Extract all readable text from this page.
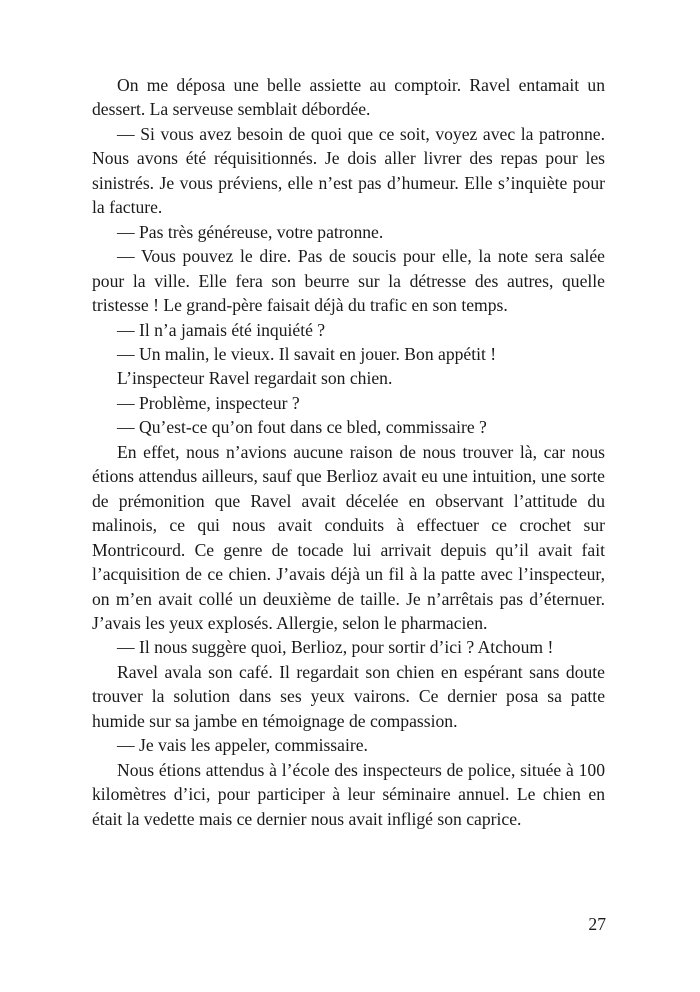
On me déposa une belle assiette au comptoir. Ravel entamait un dessert. La serveuse semblait débordée.

— Si vous avez besoin de quoi que ce soit, voyez avec la patronne. Nous avons été réquisitionnés. Je dois aller livrer des repas pour les sinistrés. Je vous préviens, elle n’est pas d’humeur. Elle s’inquiète pour la facture.

— Pas très généreuse, votre patronne.

— Vous pouvez le dire. Pas de soucis pour elle, la note sera salée pour la ville. Elle fera son beurre sur la détresse des autres, quelle tristesse ! Le grand-père faisait déjà du trafic en son temps.

— Il n’a jamais été inquiété ?

— Un malin, le vieux. Il savait en jouer. Bon appétit !

L’inspecteur Ravel regardait son chien.

— Problème, inspecteur ?

— Qu’est-ce qu’on fout dans ce bled, commissaire ?

En effet, nous n’avions aucune raison de nous trouver là, car nous étions attendus ailleurs, sauf que Berlioz avait eu une intuition, une sorte de prémonition que Ravel avait décelée en observant l’attitude du malinois, ce qui nous avait conduits à effectuer ce crochet sur Montricourd. Ce genre de tocade lui arrivait depuis qu’il avait fait l’acquisition de ce chien. J’avais déjà un fil à la patte avec l’inspecteur, on m’en avait collé un deuxième de taille. Je n’arrêtais pas d’éternuer. J’avais les yeux explosés. Allergie, selon le pharmacien.

— Il nous suggère quoi, Berlioz, pour sortir d’ici ? Atchoum !

Ravel avala son café. Il regardait son chien en espérant sans doute trouver la solution dans ses yeux vairons. Ce dernier posa sa patte humide sur sa jambe en témoignage de compassion.

— Je vais les appeler, commissaire.

Nous étions attendus à l’école des inspecteurs de police, située à 100 kilomètres d’ici, pour participer à leur séminaire annuel. Le chien en était la vedette mais ce dernier nous avait infligé son caprice.

27
